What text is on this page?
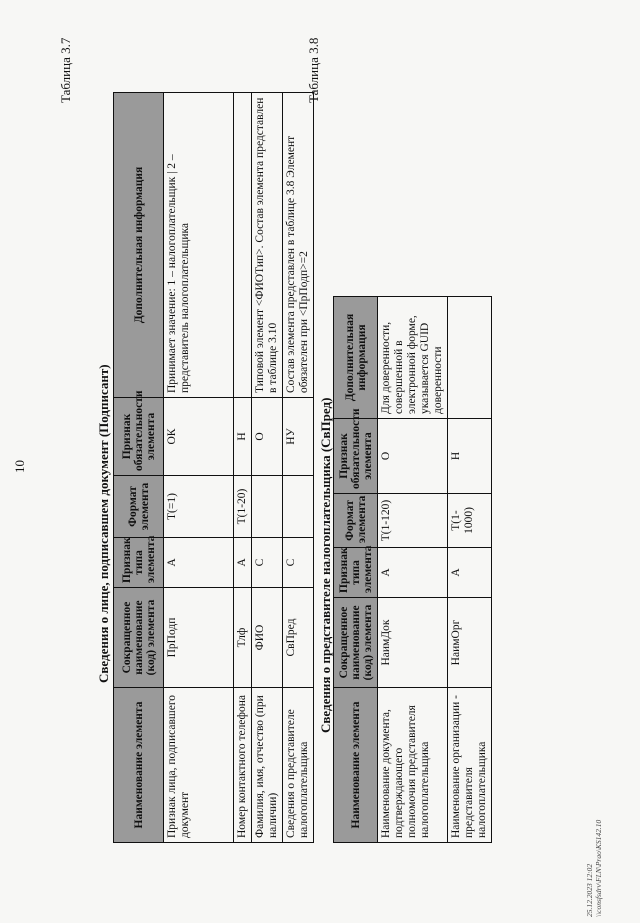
10
Таблица 3.7
Сведения о лице, подписавшем документ (Подписант)
Наименование элемента	Сокращенное наименование (код) элемента	Признак типа элемента	Формат элемента	Признак обязательности элемента	Дополнительная информация
Признак лица, подписавшего документ	ПрПодп	А	Т(=1)	ОК	Принимает значение: 1 – налогоплательщик | 2 – представитель налогоплательщика
Номер контактного телефона	Тлф	А	Т(1-20)	Н	
Фамилия, имя, отчество (при наличии)	ФИО	С		О	Типовой элемент <ФИОТип>. Состав элемента представлен в таблице 3.10
Сведения о представителе налогоплательщика	СвПред	С		НУ	Состав элемента представлен в таблице 3.8 Элемент обязателен при <ПрПодп>=2
Таблица 3.8
Сведения о представителе налогоплательщика (СвПред)
Наименование элемента	Сокращенное наименование (код) элемента	Признак типа элемента	Формат элемента	Признак обязательности элемента	Дополнительная информация
Наименование документа, подтверждающего полномочия представителя налогоплательщика	НаимДок	А	Т(1-120)	О	Для доверенности, совершенной в электронной форме, указывается GUID доверенности
Наименование организации - представителя налогоплательщика	НаимОрг	А	Т(1-1000)	Н	
25.12.2023 12:02 \\consfsdrv\FLN\Prao\KS142.10
